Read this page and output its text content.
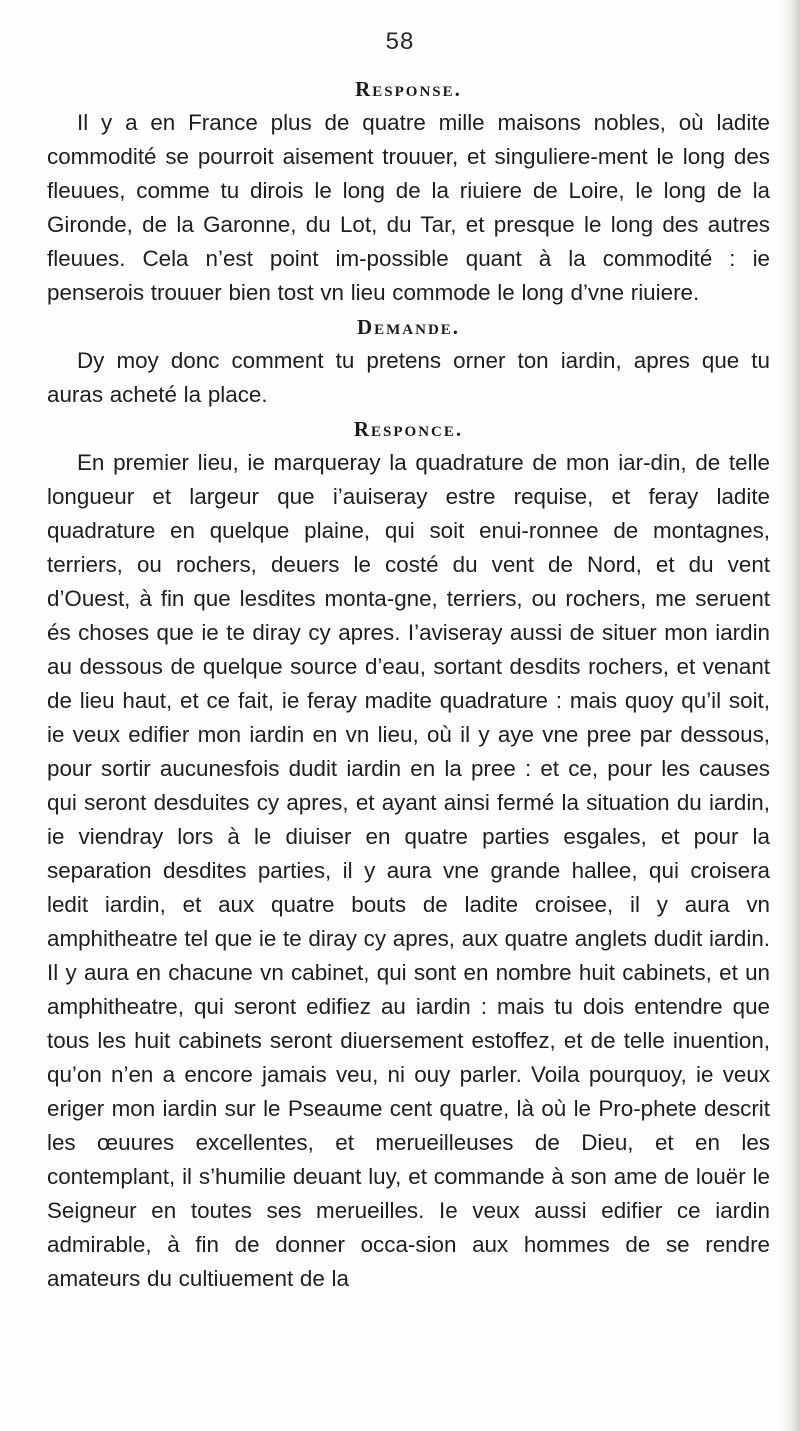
58
Response.

Il y a en France plus de quatre mille maisons nobles, où ladite commodité se pourroit aisement trouuer, et singuliere-ment le long des fleuues, comme tu dirois le long de la riuiere de Loire, le long de la Gironde, de la Garonne, du Lot, du Tar, et presque le long des autres fleuues. Cela n’est point im-possible quant à la commodité : ie penserois trouuer bien tost vn lieu commode le long d’vne riuiere.

Demande.

Dy moy donc comment tu pretens orner ton iardin, apres que tu auras acheté la place.

Responce.

En premier lieu, ie marqueray la quadrature de mon iar-din, de telle longueur et largeur que i’auiseray estre requise, et feray ladite quadrature en quelque plaine, qui soit enui-ronnee de montagnes, terriers, ou rochers, deuers le costé du vent de Nord, et du vent d’Ouest, à fin que lesdites monta-gne, terriers, ou rochers, me seruent és choses que ie te diray cy apres. I’aviseray aussi de situer mon iardin au dessous de quelque source d’eau, sortant desdits rochers, et venant de lieu haut, et ce fait, ie feray madite quadrature : mais quoy qu’il soit, ie veux edifier mon iardin en vn lieu, où il y aye vne pree par dessous, pour sortir aucunesfois dudit iardin en la pree : et ce, pour les causes qui seront desduites cy apres, et ayant ainsi fermé la situation du iardin, ie viendray lors à le diuiser en quatre parties esgales, et pour la separation desdites parties, il y aura vne grande hallee, qui croisera ledit iardin, et aux quatre bouts de ladite croisee, il y aura vn amphitheatre tel que ie te diray cy apres, aux quatre anglets dudit iardin. Il y aura en chacune vn cabinet, qui sont en nombre huit cabinets, et un amphitheatre, qui seront edifiez au iardin : mais tu dois entendre que tous les huit cabinets seront diuersement estoffez, et de telle inuention, qu’on n’en a encore jamais veu, ni ouy parler. Voila pourquoy, ie veux eriger mon iardin sur le Pseaume cent quatre, là où le Pro-phete descrit les œuures excellentes, et merueilleuses de Dieu, et en les contemplant, il s’humilie deuant luy, et commande à son ame de louër le Seigneur en toutes ses merueilles. Ie veux aussi edifier ce iardin admirable, à fin de donner occa-sion aux hommes de se rendre amateurs du cultiuement de la
